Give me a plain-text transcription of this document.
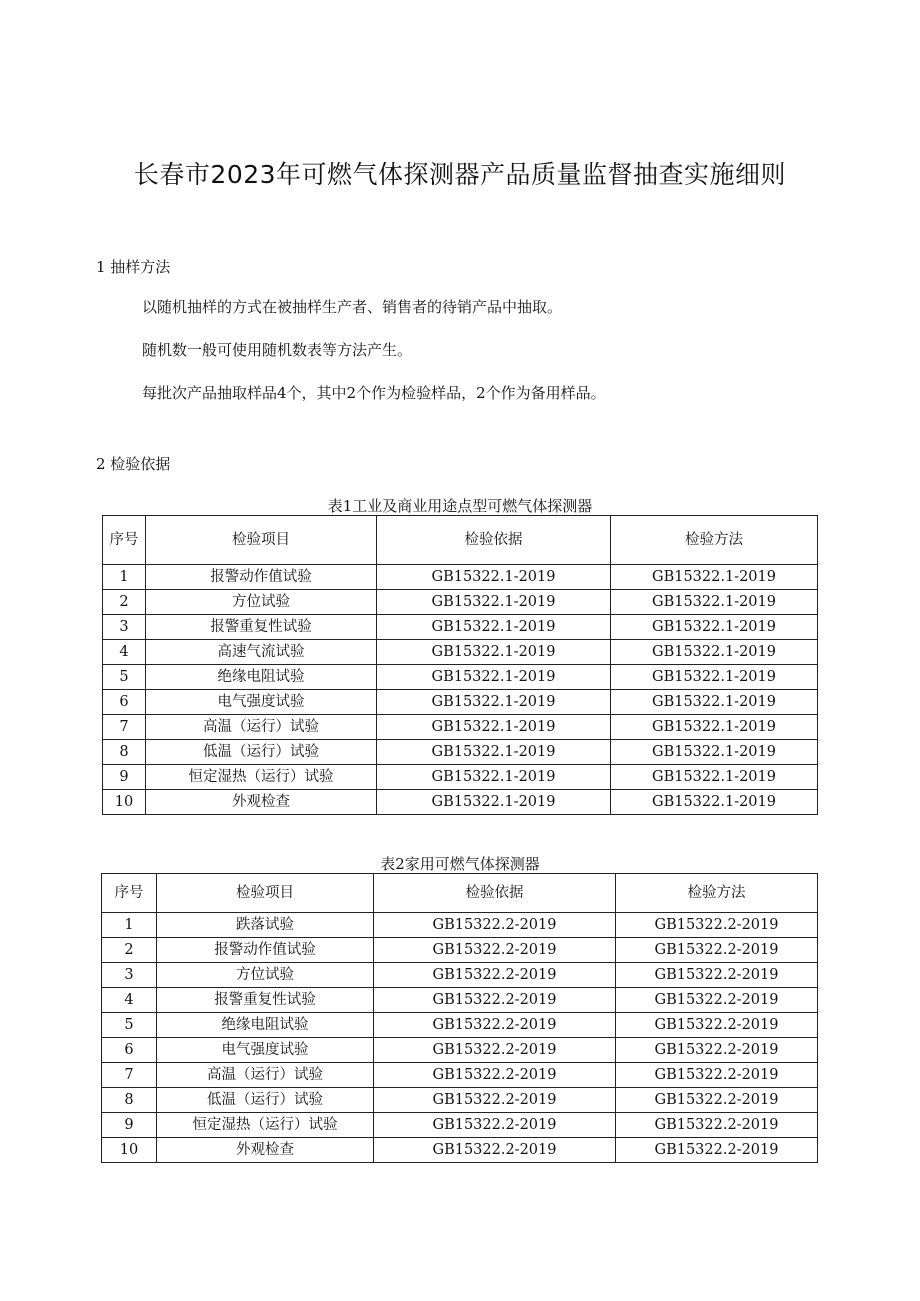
长春市2023年可燃气体探测器产品质量监督抽查实施细则
1 抽样方法
以随机抽样的方式在被抽样生产者、销售者的待销产品中抽取。
随机数一般可使用随机数表等方法产生。
每批次产品抽取样品4个，其中2个作为检验样品，2个作为备用样品。
2 检验依据
表1工业及商业用途点型可燃气体探测器
序号	检验项目	检验依据	检验方法
1	报警动作值试验	GB15322.1-2019	GB15322.1-2019
2	方位试验	GB15322.1-2019	GB15322.1-2019
3	报警重复性试验	GB15322.1-2019	GB15322.1-2019
4	高速气流试验	GB15322.1-2019	GB15322.1-2019
5	绝缘电阻试验	GB15322.1-2019	GB15322.1-2019
6	电气强度试验	GB15322.1-2019	GB15322.1-2019
7	高温（运行）试验	GB15322.1-2019	GB15322.1-2019
8	低温（运行）试验	GB15322.1-2019	GB15322.1-2019
9	恒定湿热（运行）试验	GB15322.1-2019	GB15322.1-2019
10	外观检查	GB15322.1-2019	GB15322.1-2019
表2家用可燃气体探测器
序号	检验项目	检验依据	检验方法
1	跌落试验	GB15322.2-2019	GB15322.2-2019
2	报警动作值试验	GB15322.2-2019	GB15322.2-2019
3	方位试验	GB15322.2-2019	GB15322.2-2019
4	报警重复性试验	GB15322.2-2019	GB15322.2-2019
5	绝缘电阻试验	GB15322.2-2019	GB15322.2-2019
6	电气强度试验	GB15322.2-2019	GB15322.2-2019
7	高温（运行）试验	GB15322.2-2019	GB15322.2-2019
8	低温（运行）试验	GB15322.2-2019	GB15322.2-2019
9	恒定湿热（运行）试验	GB15322.2-2019	GB15322.2-2019
10	外观检查	GB15322.2-2019	GB15322.2-2019
